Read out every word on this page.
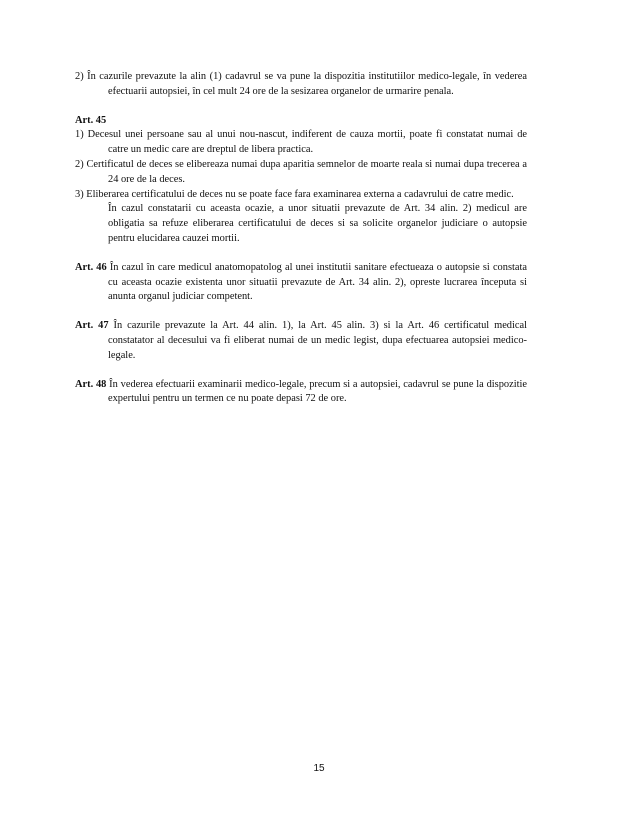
2) În cazurile prevazute la alin (1) cadavrul se va pune la dispozitia institutiilor medico-legale, în vederea efectuarii autopsiei, în cel mult 24 ore de la sesizarea organelor de urmarire penala.

Art. 45

1) Decesul unei persoane sau al unui nou-nascut, indiferent de cauza mortii, poate fi constatat numai de catre un medic care are dreptul de libera practica.

2) Certificatul de deces se elibereaza numai dupa aparitia semnelor de moarte reala si numai dupa trecerea a 24 ore de la deces.

3) Eliberarea certificatului de deces nu se poate face fara examinarea externa a cadavrului de catre medic.

În cazul constatarii cu aceasta ocazie, a unor situatii prevazute de Art. 34 alin. 2) medicul are obligatia sa refuze eliberarea certificatului de deces si sa solicite organelor judiciare o autopsie pentru elucidarea cauzei mortii.

Art. 46 În cazul în care medicul anatomopatolog al unei institutii sanitare efectueaza o autopsie si constata cu aceasta ocazie existenta unor situatii prevazute de Art. 34 alin. 2), opreste lucrarea începuta si anunta organul judiciar competent.

Art. 47 În cazurile prevazute la Art. 44 alin. 1), la Art. 45 alin. 3) si la Art. 46 certificatul medical constatator al decesului va fi eliberat numai de un medic legist, dupa efectuarea autopsiei medico-legale.

Art. 48 În vederea efectuarii examinarii medico-legale, precum si a autopsiei, cadavrul se pune la dispozitie expertului pentru un termen ce nu poate depasi 72 de ore.

15
